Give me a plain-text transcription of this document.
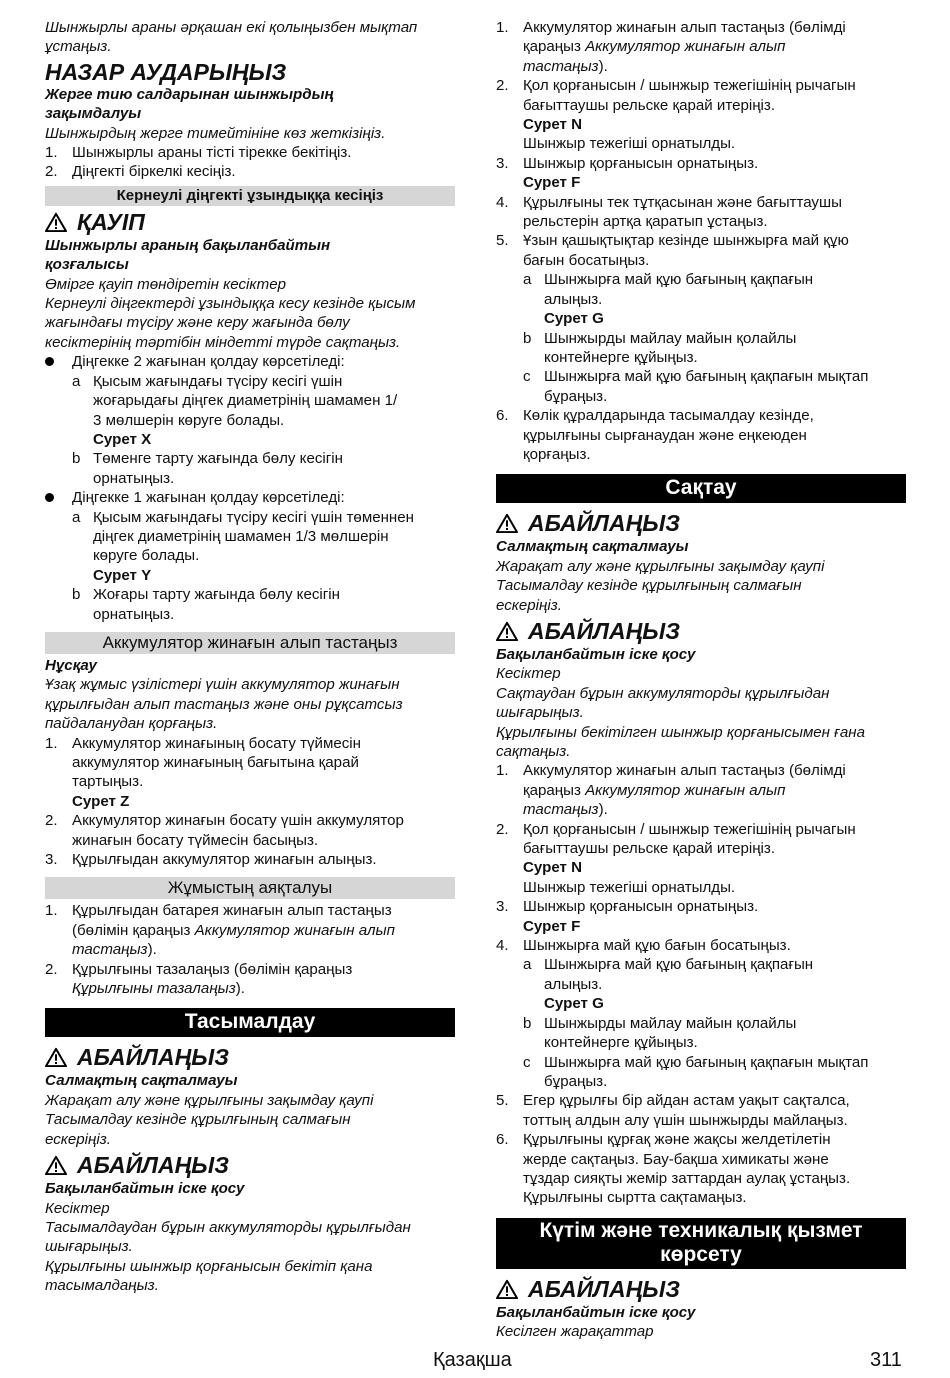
Шынжырлы араны әрқашан екі қолыңызбен мықтап
ұстаңыз.
НАЗАР АУДАРЫҢЫЗ
Жерге тию салдарынан шынжырдың
зақымдалуы
Шынжырдың жерге тимейтініне көз жеткізіңіз.
1. Шынжырлы араны тісті тірекке бекітіңіз.
2. Діңгекті біркелкі кесіңіз.
Кернеулі діңгекті ұзындыққа кесіңіз
ҚАУІП
Шынжырлы араның бақыланбайтын
қозғалысы
Өмірге қауіп төндіретін кесіктер
Кернеулі діңгектерді ұзындыққа кесу кезінде қысым
жағындағы түсіру және керу жағында бөлу
кесіктерінің тәртібін міндетті түрде сақтаңыз.
Діңгекке 2 жағынан қолдау көрсетіледі:
a Қысым жағындағы түсіру кесігі үшін
жоғарыдағы діңгек диаметрінің шамамен 1/
3 мөлшерін көруге болады.
Сурет X
b Төменге тарту жағында бөлу кесігін
орнатыңыз.
Діңгекке 1 жағынан қолдау көрсетіледі:
a Қысым жағындағы түсіру кесігі үшін төменнен
діңгек диаметрінің шамамен 1/3 мөлшерін
көруге болады.
Сурет Y
b Жоғары тарту жағында бөлу кесігін
орнатыңыз.
Аккумулятор жинағын алып тастаңыз
Нұсқау
Ұзақ жұмыс үзілістері үшін аккумулятор жинағын
құрылғыдан алып тастаңыз және оны рұқсатсыз
пайдаланудан қорғаңыз.
1. Аккумулятор жинағының босату түймесін
аккумулятор жинағының бағытына қарай
тартыңыз.
Сурет Z
2. Аккумулятор жинағын босату үшін аккумулятор
жинағын босату түймесін басыңыз.
3. Құрылғыдан аккумулятор жинағын алыңыз.
Жұмыстың аяқталуы
1. Құрылғыдан батарея жинағын алып тастаңыз
(бөлімін қараңыз Аккумулятор жинағын алып
тастаңыз).
2. Құрылғыны тазалаңыз (бөлімін қараңыз
Құрылғыны тазалаңыз).
Тасымалдау
АБАЙЛАҢЫЗ
Салмақтың сақталмауы
Жарақат алу және құрылғыны зақымдау қаупі
Тасымалдау кезінде құрылғының салмағын
ескеріңіз.
АБАЙЛАҢЫЗ
Бақыланбайтын іске қосу
Кесіктер
Тасымалдаудан бұрын аккумуляторды құрылғыдан
шығарыңыз.
Құрылғыны шынжыр қорғанысын бекітіп қана
тасымалдаңыз.
1. Аккумулятор жинағын алып тастаңыз (бөлімді
қараңыз Аккумулятор жинағын алып
тастаңыз).
2. Қол қорғанысын / шынжыр тежегішінің рычагын
бағыттаушы рельске қарай итеріңіз.
Сурет N
Шынжыр тежегіші орнатылды.
3. Шынжыр қорғанысын орнатыңыз.
Сурет F
4. Құрылғыны тек тұтқасынан және бағыттаушы
рельстерін артқа қаратып ұстаңыз.
5. Ұзын қашықтықтар кезінде шынжырға май құю
бағын босатыңыз.
a Шынжырға май құю бағының қақпағын
алыңыз.
Сурет G
b Шынжырды майлау майын қолайлы
контейнерге құйыңыз.
c Шынжырға май құю бағының қақпағын мықтап
бұраңыз.
6. Көлік құралдарында тасымалдау кезінде,
құрылғыны сырғанаудан және еңкеюден
қорғаңыз.
Сақтау
АБАЙЛАҢЫЗ
Салмақтың сақталмауы
Жарақат алу және құрылғыны зақымдау қаупі
Тасымалдау кезінде құрылғының салмағын
ескеріңіз.
АБАЙЛАҢЫЗ
Бақыланбайтын іске қосу
Кесіктер
Сақтаудан бұрын аккумуляторды құрылғыдан
шығарыңыз.
Құрылғыны бекітілген шынжыр қорғанысымен ғана
сақтаңыз.
1. Аккумулятор жинағын алып тастаңыз (бөлімді
қараңыз Аккумулятор жинағын алып
тастаңыз).
2. Қол қорғанысын / шынжыр тежегішінің рычагын
бағыттаушы рельске қарай итеріңіз.
Сурет N
Шынжыр тежегіші орнатылды.
3. Шынжыр қорғанысын орнатыңыз.
Сурет F
4. Шынжырға май құю бағын босатыңыз.
a Шынжырға май құю бағының қақпағын
алыңыз.
Сурет G
b Шынжырды майлау майын қолайлы
контейнерге құйыңыз.
c Шынжырға май құю бағының қақпағын мықтап
бұраңыз.
5. Егер құрылғы бір айдан астам уақыт сақталса,
тоттың алдын алу үшін шынжырды майлаңыз.
6. Құрылғыны құрғақ және жақсы желдетілетін
жерде сақтаңыз. Бау-бақша химикаты және
тұздар сияқты жемір заттардан аулақ ұстаңыз.
Құрылғыны сыртта сақтамаңыз.
Күтім және техникалық қызмет
көрсету
АБАЙЛАҢЫЗ
Бақыланбайтын іске қосу
Кесілген жарақаттар
Қазақша	311
